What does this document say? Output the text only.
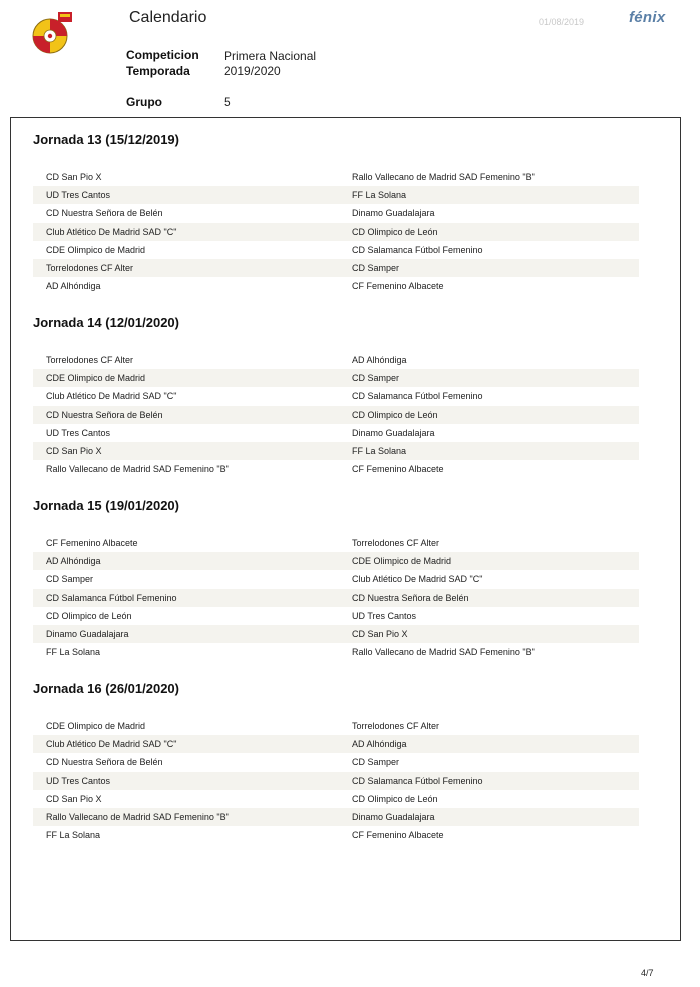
Calendario	01/08/2019	fénix
Competicion Primera Nacional
Temporada	2019/2020
Grupo	5
Jornada 13 (15/12/2019)
CD San Pio X	Rallo Vallecano de Madrid SAD Femenino "B"
UD Tres Cantos	FF La Solana
CD Nuestra Señora de Belén	Dinamo Guadalajara
Club Atlético De Madrid SAD "C"	CD Olimpico de León
CDE Olimpico de Madrid	CD Salamanca Fútbol Femenino
Torrelodones CF Alter	CD Samper
AD Alhóndiga	CF Femenino Albacete
Jornada 14 (12/01/2020)
Torrelodones CF Alter	AD Alhóndiga
CDE Olimpico de Madrid	CD Samper
Club Atlético De Madrid SAD "C"	CD Salamanca Fútbol Femenino
CD Nuestra Señora de Belén	CD Olimpico de León
UD Tres Cantos	Dinamo Guadalajara
CD San Pio X	FF La Solana
Rallo Vallecano de Madrid SAD Femenino "B"	CF Femenino Albacete
Jornada 15 (19/01/2020)
CF Femenino Albacete	Torrelodones CF Alter
AD Alhóndiga	CDE Olimpico de Madrid
CD Samper	Club Atlético De Madrid SAD "C"
CD Salamanca Fútbol Femenino	CD Nuestra Señora de Belén
CD Olimpico de León	UD Tres Cantos
Dinamo Guadalajara	CD San Pio X
FF La Solana	Rallo Vallecano de Madrid SAD Femenino "B"
Jornada 16 (26/01/2020)
CDE Olimpico de Madrid	Torrelodones CF Alter
Club Atlético De Madrid SAD "C"	AD Alhóndiga
CD Nuestra Señora de Belén	CD Samper
UD Tres Cantos	CD Salamanca Fútbol Femenino
CD San Pio X	CD Olimpico de León
Rallo Vallecano de Madrid SAD Femenino "B"	Dinamo Guadalajara
FF La Solana	CF Femenino Albacete
4/7
